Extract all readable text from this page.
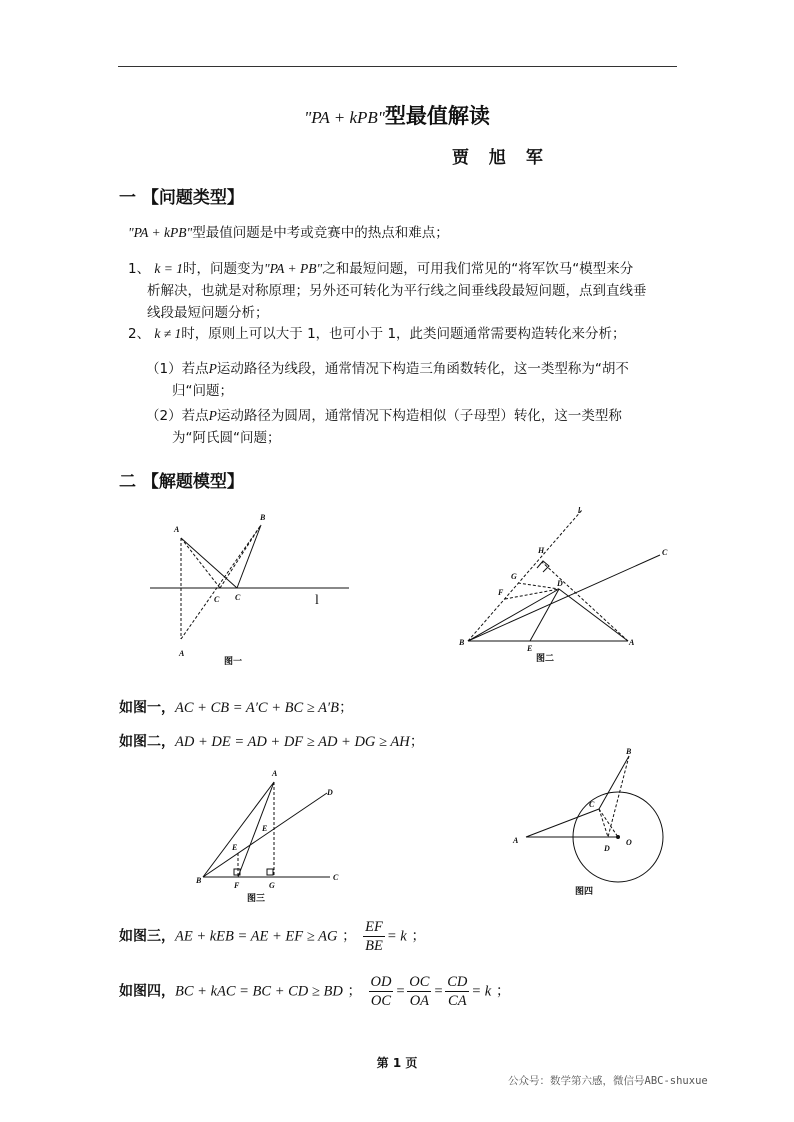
"PA + kPB"型最值解读
贾 旭 军
一 【问题类型】
"PA + kPB"型最值问题是中考或竞赛中的热点和难点；
1、 k = 1时，问题变为"PA + PB"之和最短问题，可用我们常见的“将军饮马“模型来分
析解决，也就是对称原理；另外还可转化为平行线之间垂线段最短问题，点到直线垂
线段最短问题分析；
2、 k ≠ 1时，原则上可以大于 1，也可小于 1，此类问题通常需要构造转化来分析；
（1）若点P运动路径为线段，通常情况下构造三角函数转化，这一类型称为“胡不
归“问题；
（2）若点P运动路径为圆周，通常情况下构造相似（子母型）转化，这一类型称
为“阿氏圆“问题；
二 【解题模型】
A
B
C C
A
l
图一
l
H	C
G
F
D
B
E
A
图二
如图一，AC + CB = A′C + BC ≥ A′B；
如图二，AD + DE = AD + DF ≥ AD + DG ≥ AH；
A
D
E
E
B
F	G
C
图三
B
C
A
D
O
图四
如图三，AE + kEB = AE + EF ≥ AG ； $\frac{EF}{BE} = k$ ；
如图四，BC + kAC = BC + CD ≥ BD ； $\frac{OD}{OC} = \frac{OC}{OA} = \frac{CD}{CA} = k$ ；
第 1 页
公众号：数学第六感，微信号ABC-shuxue
